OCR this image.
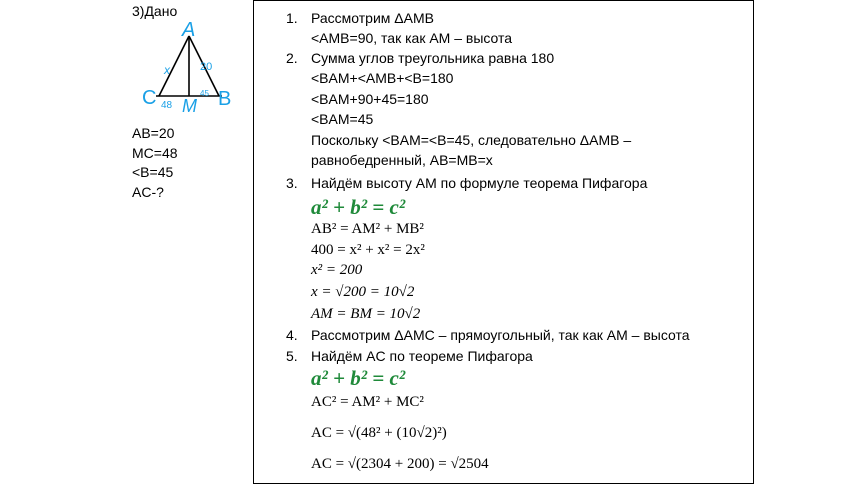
3)Дано
AB=20
MC=48
<B=45
AC-?
A
C	B
M
20
x
48
45
1. Рассмотрим ΔAMB
<AMB=90, так как AM – высота
2. Сумма углов треугольника равна 180
<BAM+<AMB+<B=180
<BAM+90+45=180
<BAM=45
Поскольку <BAM=<B=45, следовательно ΔAMB –
равнобедренный, AB=MB=x
3. Найдём высоту AM по формуле теорема Пифагора
a² + b² = c²
AB² = AM² + MB²
400 = x² + x² = 2x²
x² = 200
x = √200 = 10√2
AM = BM = 10√2
4. Рассмотрим ΔAMC – прямоугольный, так как AM – высота
5. Найдём AC по теореме Пифагора
a² + b² = c²
AC² = AM² + MC²
AC = √(48² + (10√2)²)
AC = √(2304 + 200) = √2504
